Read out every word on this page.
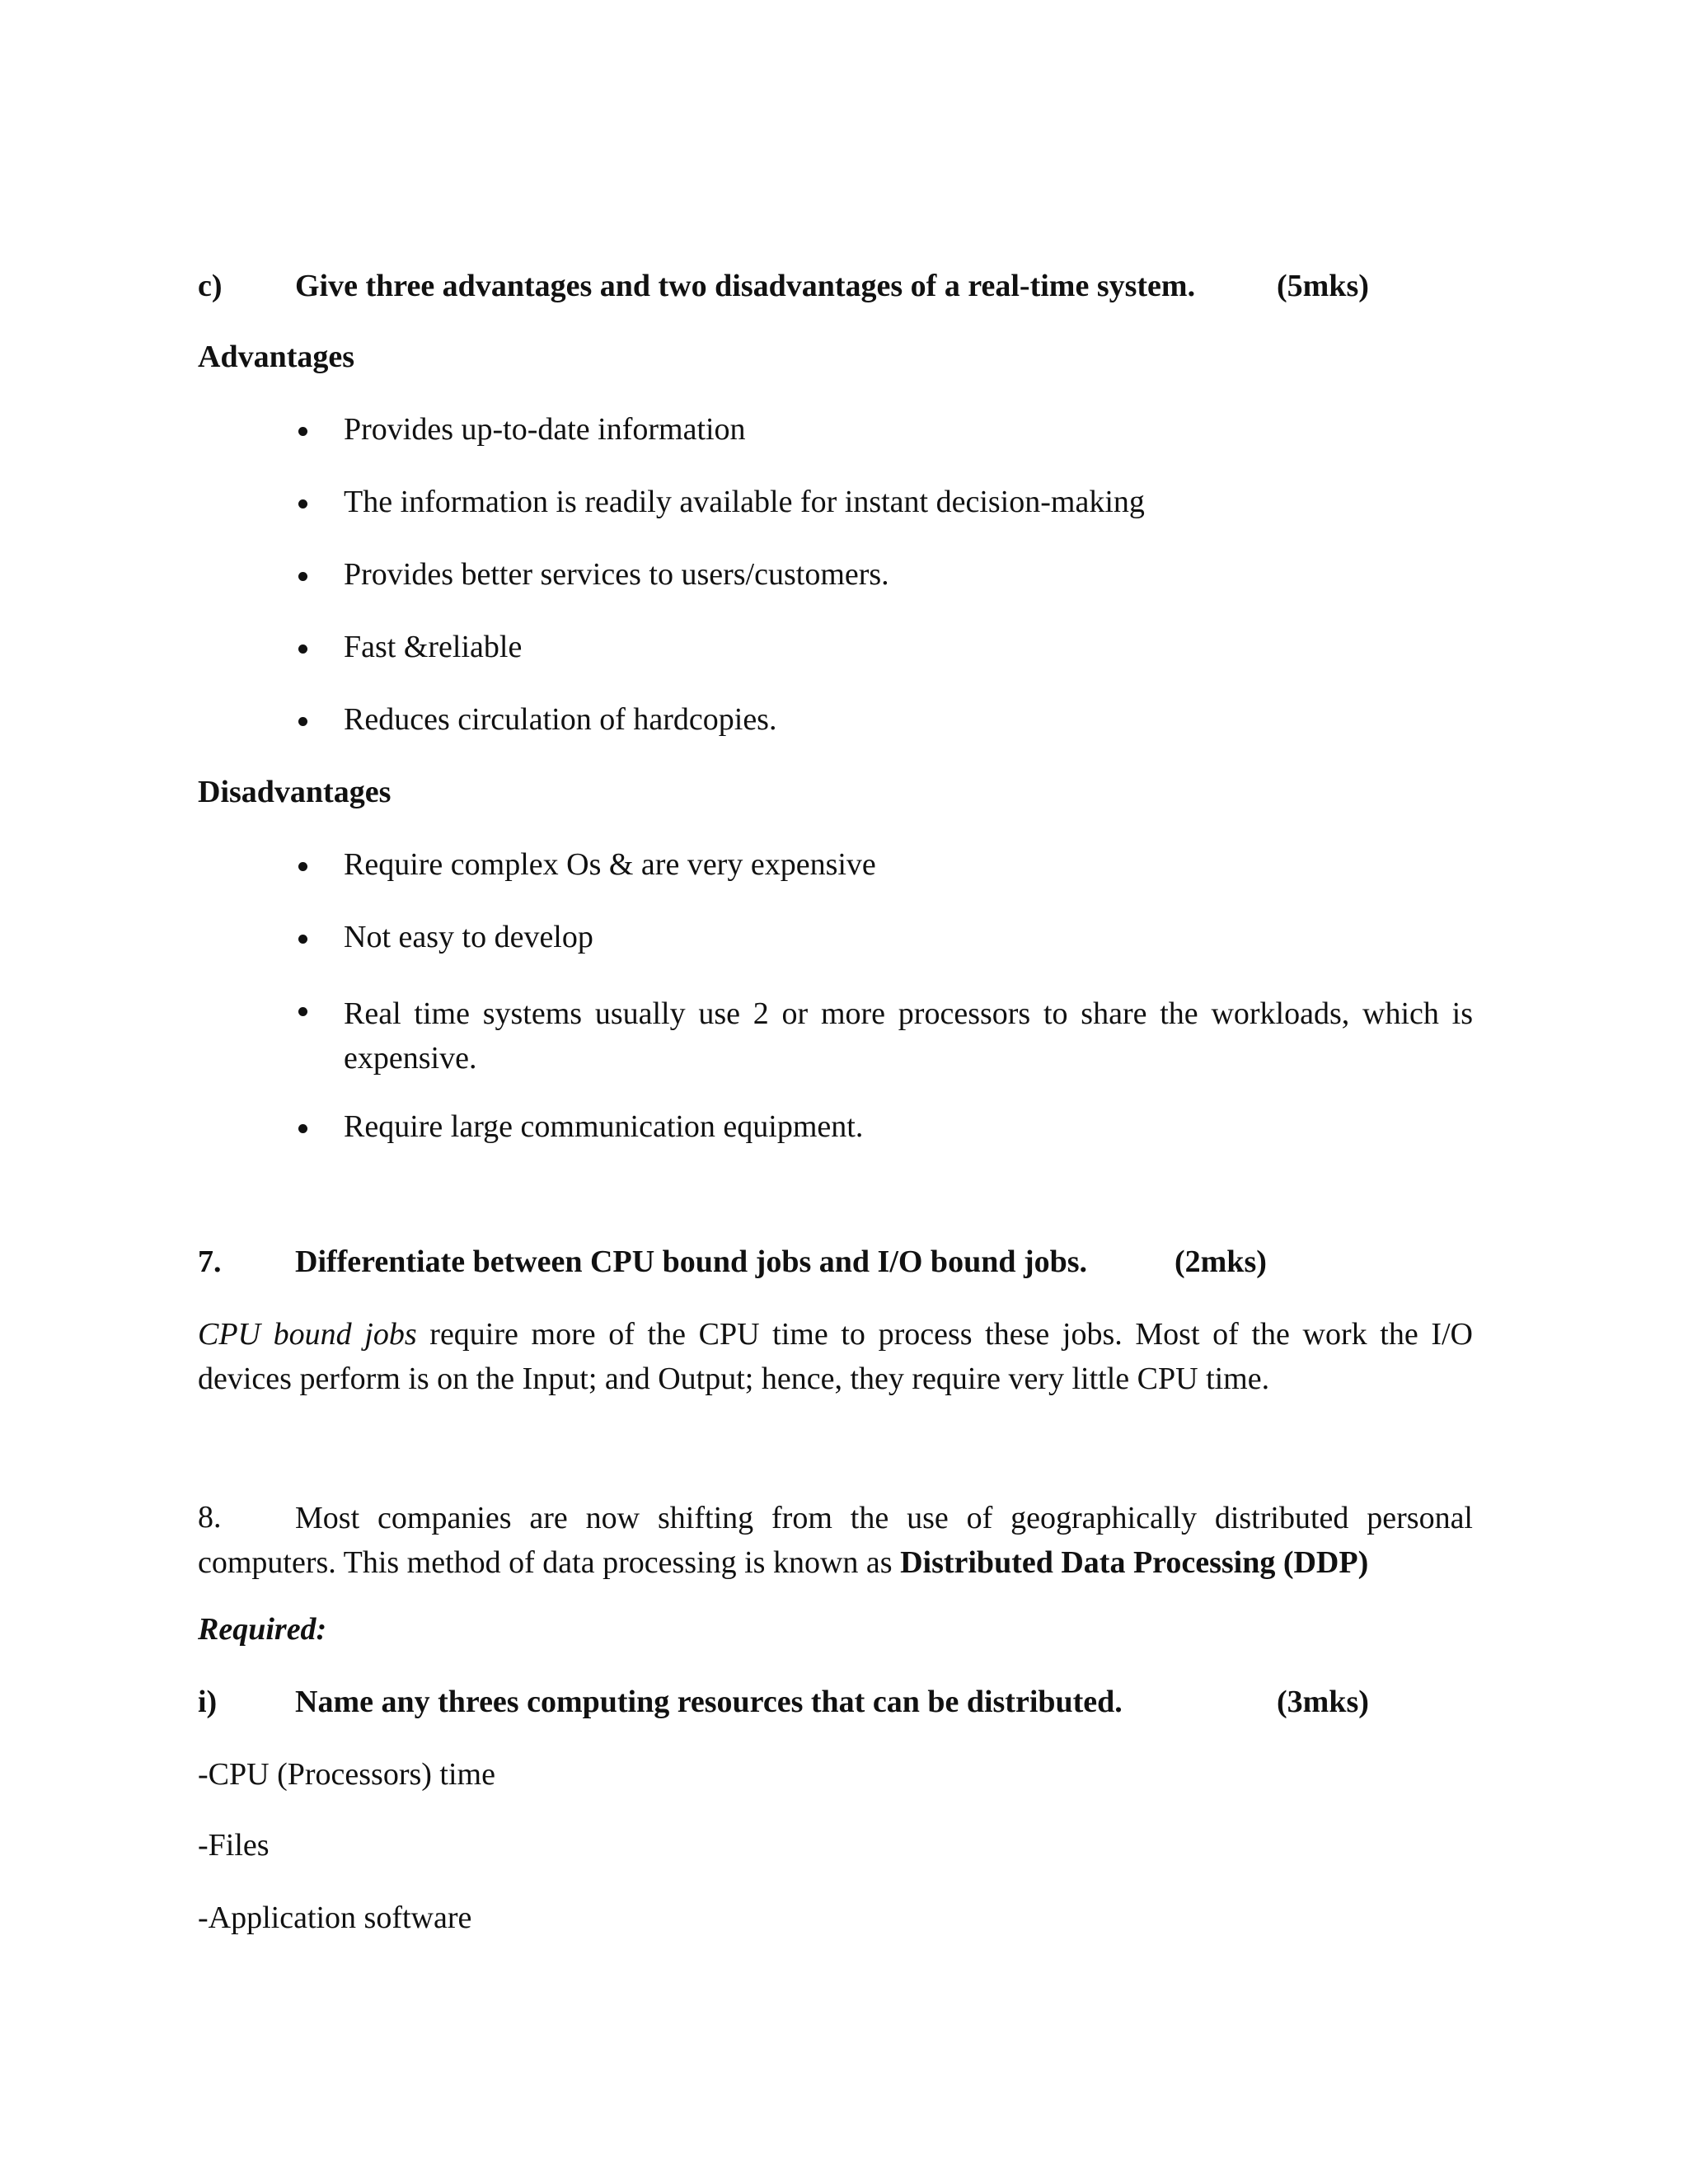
c) Give three advantages and two disadvantages of a real-time system.	(5mks)
Advantages
Provides up-to-date information
The information is readily available for instant decision-making
Provides better services to users/customers.
Fast &reliable
Reduces circulation of hardcopies.
Disadvantages
Require complex Os & are very expensive
Not easy to develop
Real time systems usually use 2 or more processors to share the workloads, which is
expensive.
Require large communication equipment.
7. Differentiate between CPU bound jobs and I/O bound jobs.	(2mks)
CPU bound jobs require more of the CPU time to process these jobs. Most of the work the I/O
devices perform is on the Input; and Output; hence, they require very little CPU time.
8.	Most companies are now shifting from the use of geographically distributed personal
computers. This method of data processing is known as Distributed Data Processing (DDP)
Required:
i) Name any threes computing resources that can be distributed.	(3mks)
-CPU (Processors) time
-Files
-Application software
